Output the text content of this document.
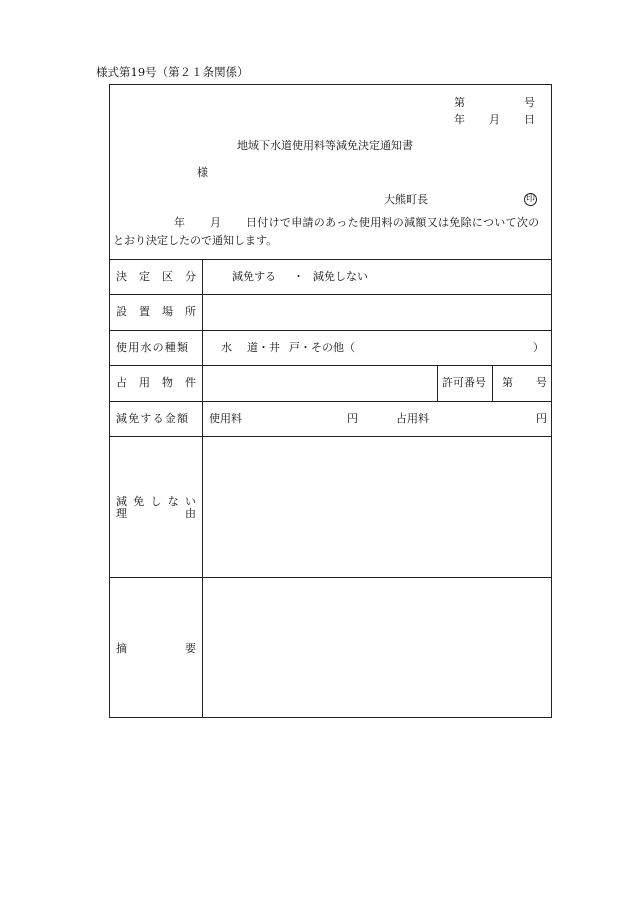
様式第19号（第２１条関係）
第	号
年 月 日
地域下水道使用料等減免決定通知書
様
大熊町長	印
年 月 日付けで申請のあった使用料の減額又は免除について次の
とおり決定したので通知します。
決 定 区 分	減免する ・ 減免しない
設 置 場 所
使用水の種類	水 道・井 戸・その他（	）
占 用 物 件	許可番号 第 号
減免する金額 使用料	円	占用料	円
減 免 し な い
理	由
摘	要
